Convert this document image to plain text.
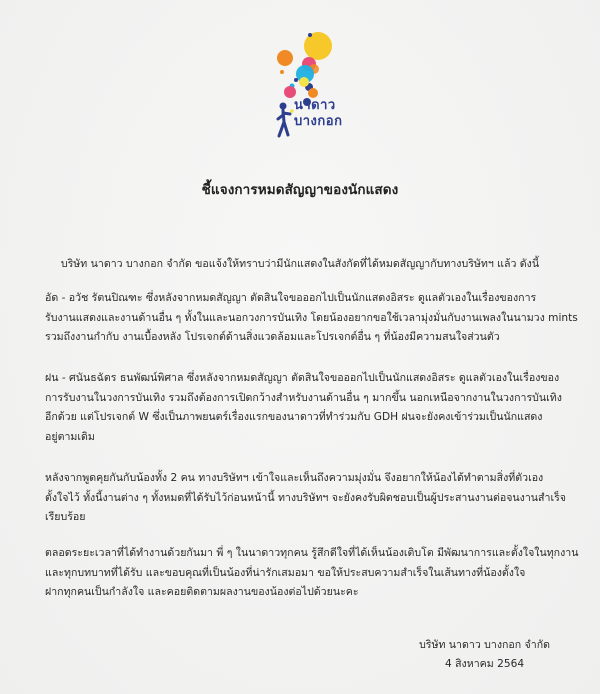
นาดาว
บางกอก
ชี้แจงการหมดสัญญาของนักแสดง
บริษัท นาดาว บางกอก จำกัด ขอแจ้งให้ทราบว่ามีนักแสดงในสังกัดที่ได้หมดสัญญากับทางบริษัทฯ แล้ว ดังนี้
อัด - อวัช รัตนปิณฑะ ซึ่งหลังจากหมดสัญญา ตัดสินใจขอออกไปเป็นนักแสดงอิสระ ดูแลตัวเองในเรื่องของการ
รับงานแสดงและงานด้านอื่น ๆ ทั้งในและนอกวงการบันเทิง โดยน้องอยากขอใช้เวลามุ่งมั่นกับงานเพลงในนามวง mints
รวมถึงงานกำกับ งานเบื้องหลัง โปรเจกต์ด้านสิ่งแวดล้อมและโปรเจกต์อื่น ๆ ที่น้องมีความสนใจส่วนตัว
ฝน - ศนันธฉัตร ธนพัฒน์พิศาล ซึ่งหลังจากหมดสัญญา ตัดสินใจขอออกไปเป็นนักแสดงอิสระ ดูแลตัวเองในเรื่องของ
การรับงานในวงการบันเทิง รวมถึงต้องการเปิดกว้างสำหรับงานด้านอื่น ๆ มากขึ้น นอกเหนือจากงานในวงการบันเทิง
อีกด้วย แต่โปรเจกต์ W ซึ่งเป็นภาพยนตร์เรื่องแรกของนาดาวที่ทำร่วมกับ GDH ฝนจะยังคงเข้าร่วมเป็นนักแสดง
อยู่ตามเดิม
หลังจากพูดคุยกันกับน้องทั้ง 2 คน ทางบริษัทฯ เข้าใจและเห็นถึงความมุ่งมั่น จึงอยากให้น้องได้ทำตามสิ่งที่ตัวเอง
ตั้งใจไว้ ทั้งนี้งานต่าง ๆ ทั้งหมดที่ได้รับไว้ก่อนหน้านี้ ทางบริษัทฯ จะยังคงรับผิดชอบเป็นผู้ประสานงานต่อจนงานสำเร็จ
เรียบร้อย
ตลอดระยะเวลาที่ได้ทำงานด้วยกันมา พี่ ๆ ในนาดาวทุกคน รู้สึกดีใจที่ได้เห็นน้องเติบโต มีพัฒนาการและตั้งใจในทุกงาน
และทุกบทบาทที่ได้รับ และขอบคุณที่เป็นน้องที่น่ารักเสมอมา ขอให้ประสบความสำเร็จในเส้นทางที่น้องตั้งใจ
ฝากทุกคนเป็นกำลังใจ และคอยติดตามผลงานของน้องต่อไปด้วยนะคะ
บริษัท นาดาว บางกอก จำกัด
4 สิงหาคม 2564
